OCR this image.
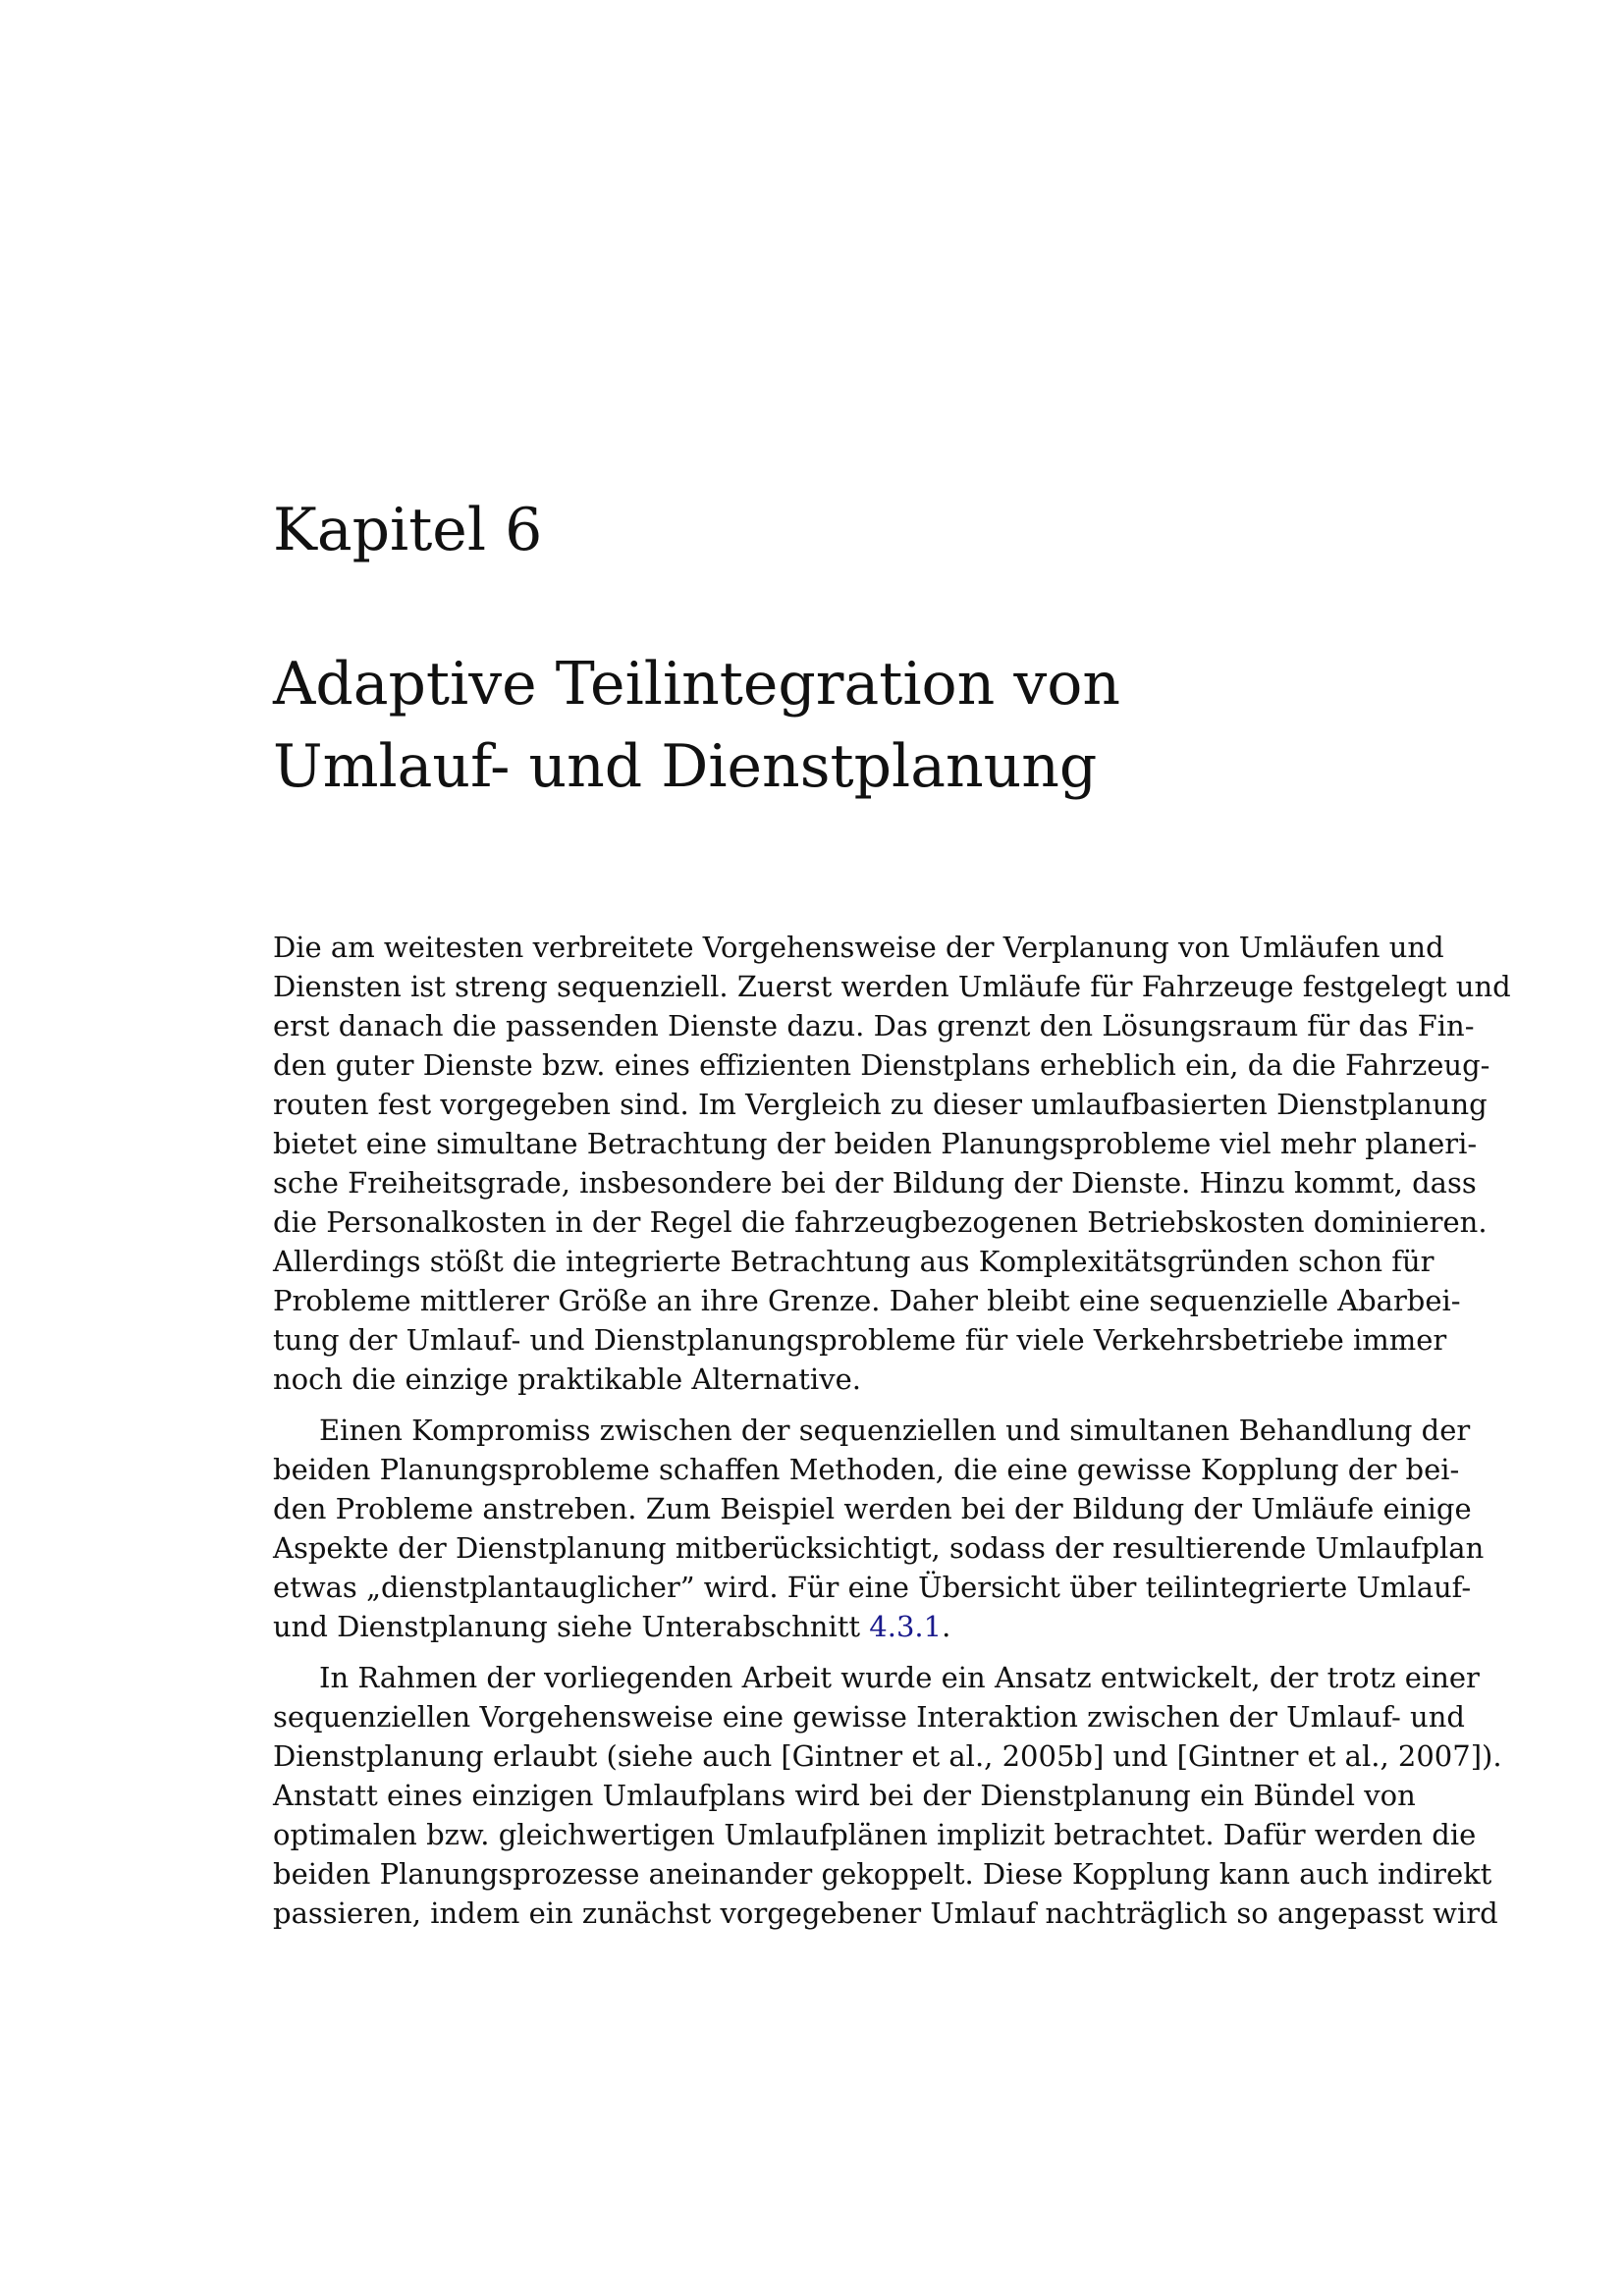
Kapitel 6
Adaptive Teilintegration von
Umlauf- und Dienstplanung

Die am weitesten verbreitete Vorgehensweise der Verplanung von Umläufen und
Diensten ist streng sequenziell. Zuerst werden Umläufe für Fahrzeuge festgelegt und
erst danach die passenden Dienste dazu. Das grenzt den Lösungsraum für das Fin-
den guter Dienste bzw. eines effizienten Dienstplans erheblich ein, da die Fahrzeug-
routen fest vorgegeben sind. Im Vergleich zu dieser umlaufbasierten Dienstplanung
bietet eine simultane Betrachtung der beiden Planungsprobleme viel mehr planeri-
sche Freiheitsgrade, insbesondere bei der Bildung der Dienste. Hinzu kommt, dass
die Personalkosten in der Regel die fahrzeugbezogenen Betriebskosten dominieren.
Allerdings stößt die integrierte Betrachtung aus Komplexitätsgründen schon für
Probleme mittlerer Größe an ihre Grenze. Daher bleibt eine sequenzielle Abarbei-
tung der Umlauf- und Dienstplanungsprobleme für viele Verkehrsbetriebe immer
noch die einzige praktikable Alternative.

Einen Kompromiss zwischen der sequenziellen und simultanen Behandlung der
beiden Planungsprobleme schaffen Methoden, die eine gewisse Kopplung der bei-
den Probleme anstreben. Zum Beispiel werden bei der Bildung der Umläufe einige
Aspekte der Dienstplanung mitberücksichtigt, sodass der resultierende Umlaufplan
etwas „dienstplantauglicher” wird. Für eine Übersicht über teilintegrierte Umlauf-
und Dienstplanung siehe Unterabschnitt 4.3.1.

In Rahmen der vorliegenden Arbeit wurde ein Ansatz entwickelt, der trotz einer
sequenziellen Vorgehensweise eine gewisse Interaktion zwischen der Umlauf- und
Dienstplanung erlaubt (siehe auch [Gintner et al., 2005b] und [Gintner et al., 2007]).
Anstatt eines einzigen Umlaufplans wird bei der Dienstplanung ein Bündel von
optimalen bzw. gleichwertigen Umlaufplänen implizit betrachtet. Dafür werden die
beiden Planungsprozesse aneinander gekoppelt. Diese Kopplung kann auch indirekt
passieren, indem ein zunächst vorgegebener Umlauf nachträglich so angepasst wird
